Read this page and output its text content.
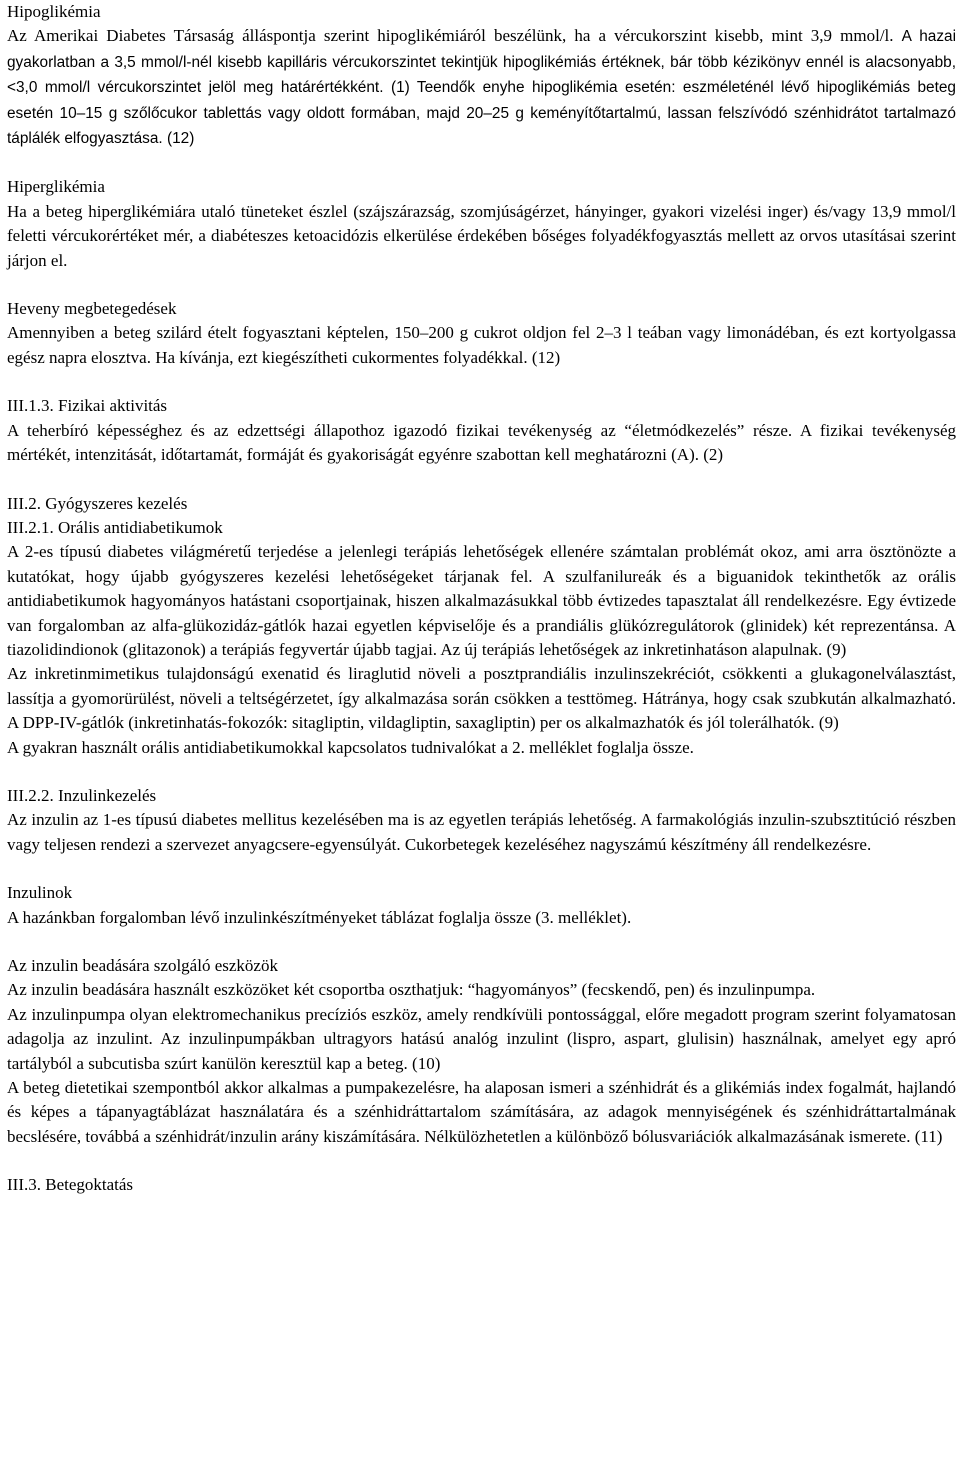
Hipoglikémia

Az Amerikai Diabetes Társaság álláspontja szerint hipoglikémiáról beszélünk, ha a vércukorszint kisebb, mint 3,9 mmol/l. A hazai gyakorlatban a 3,5 mmol/l-nél kisebb kapilláris vércukorszintet tekintjük hipoglikémiás értéknek, bár több kézikönyv ennél is alacsonyabb, <3,0 mmol/l vércukorszintet jelöl meg határértékként. (1) Teendők enyhe hipoglikémia esetén: eszméleténél lévő hipoglikémiás beteg esetén 10–15 g szőlőcukor tablettás vagy oldott formában, majd 20–25 g keményítőtartalmú, lassan felszívódó szénhidrátot tartalmazó táplálék elfogyasztása. (12)

Hiperglikémia

Ha a beteg hiperglikémiára utaló tüneteket észlel (szájszárazság, szomjúságérzet, hányinger, gyakori vizelési inger) és/vagy 13,9 mmol/l feletti vércukorértéket mér, a diabéteszes ketoacidózis elkerülése érdekében bőséges folyadékfogyasztás mellett az orvos utasításai szerint járjon el.

Heveny megbetegedések

Amennyiben a beteg szilárd ételt fogyasztani képtelen, 150–200 g cukrot oldjon fel 2–3 l teában vagy limonádéban, és ezt kortyolgassa egész napra elosztva. Ha kívánja, ezt kiegészítheti cukormentes folyadékkal. (12)

III.1.3. Fizikai aktivitás

A teherbíró képességhez és az edzettségi állapothoz igazodó fizikai tevékenység az “életmódkezelés” része. A fizikai tevékenység mértékét, intenzitását, időtartamát, formáját és gyakoriságát egyénre szabottan kell meghatározni (A). (2)

III.2. Gyógyszeres kezelés
III.2.1. Orális antidiabetikumok

A 2-es típusú diabetes világméretű terjedése a jelenlegi terápiás lehetőségek ellenére számtalan problémát okoz, ami arra ösztönözte a kutatókat, hogy újabb gyógyszeres kezelési lehetőségeket tárjanak fel. A szulfanilureák és a biguanidok tekinthetők az orális antidiabetikumok hagyományos hatástani csoportjainak, hiszen alkalmazásukkal több évtizedes tapasztalat áll rendelkezésre. Egy évtizede van forgalomban az alfa-glükozidáz-gátlók hazai egyetlen képviselője és a prandiális glükózregulátorok (glinidek) két reprezentánsa. A tiazolidindionok (glitazonok) a terápiás fegyvertár újabb tagjai. Az új terápiás lehetőségek az inkretinhatáson alapulnak. (9)

Az inkretinmimetikus tulajdonságú exenatid és liraglutid növeli a posztprandiális inzulinszekréciót, csökkenti a glukagonelválasztást, lassítja a gyomorürülést, növeli a teltségérzetet, így alkalmazása során csökken a testtömeg. Hátránya, hogy csak szubkután alkalmazható. A DPP-IV-gátlók (inkretinhatás-fokozók: sitagliptin, vildagliptin, saxagliptin) per os alkalmazhatók és jól tolerálhatók. (9)

A gyakran használt orális antidiabetikumokkal kapcsolatos tudnivalókat a 2. melléklet foglalja össze.

III.2.2. Inzulinkezelés

Az inzulin az 1-es típusú diabetes mellitus kezelésében ma is az egyetlen terápiás lehetőség. A farmakológiás inzulin-szubsztitúció részben vagy teljesen rendezi a szervezet anyagcsere-egyensúlyát. Cukorbetegek kezeléséhez nagyszámú készítmény áll rendelkezésre.

Inzulinok

A hazánkban forgalomban lévő inzulinkészítményeket táblázat foglalja össze (3. melléklet).

Az inzulin beadására szolgáló eszközök

Az inzulin beadására használt eszközöket két csoportba oszthatjuk: “hagyományos” (fecskendő, pen) és inzulinpumpa.

Az inzulinpumpa olyan elektromechanikus precíziós eszköz, amely rendkívüli pontossággal, előre megadott program szerint folyamatosan adagolja az inzulint. Az inzulinpumpákban ultragyors hatású analóg inzulint (lispro, aspart, glulisin) használnak, amelyet egy apró tartályból a subcutisba szúrt kanülön keresztül kap a beteg. (10)

A beteg dietetikai szempontból akkor alkalmas a pumpakezelésre, ha alaposan ismeri a szénhidrát és a glikémiás index fogalmát, hajlandó és képes a tápanyagtáblázat használatára és a szénhidráttartalom számítására, az adagok mennyiségének és szénhidráttartalmának becslésére, továbbá a szénhidrát/inzulin arány kiszámítására. Nélkülözhetetlen a különböző bólusvariációk alkalmazásának ismerete. (11)

III.3. Betegoktatás
